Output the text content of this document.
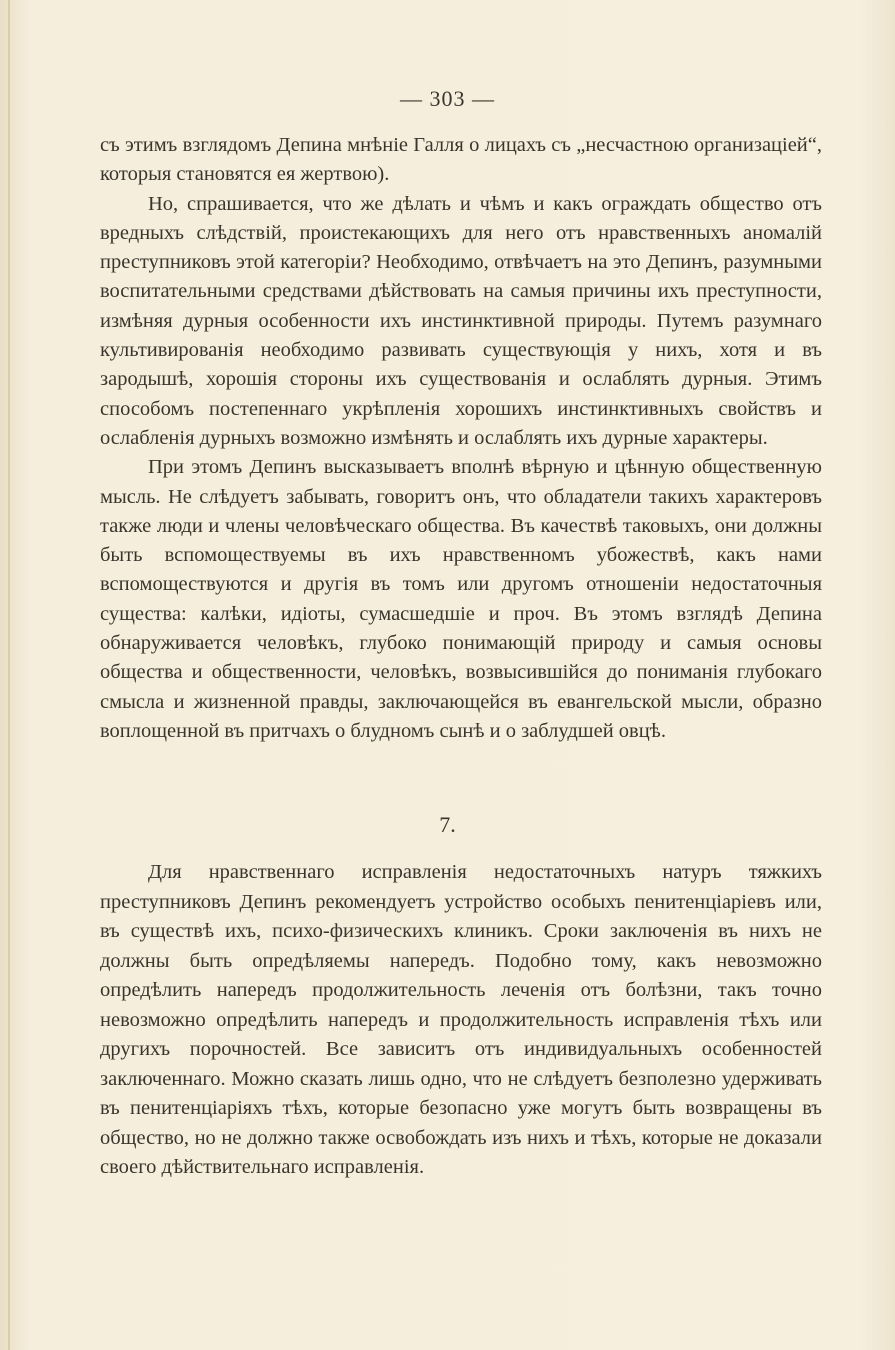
— 303 —

съ этимъ взглядомъ Депина мнѣніе Галля о лицахъ съ „несчастною организаціей“, которыя становятся ея жертвою).

Но, спрашивается, что же дѣлать и чѣмъ и какъ ограждать общество отъ вредныхъ слѣдствій, проистекающихъ для него отъ нравственныхъ аномалій преступниковъ этой категоріи? Необходимо, отвѣчаетъ на это Депинъ, разумными воспитательными средствами дѣйствовать на самыя причины ихъ преступности, измѣняя дурныя особенности ихъ инстинктивной природы. Путемъ разумнаго культивированія необходимо развивать существующія у нихъ, хотя и въ зародышѣ, хорошія стороны ихъ существованія и ослаблять дурныя. Этимъ способомъ постепеннаго укрѣпленія хорошихъ инстинктивныхъ свойствъ и ослабленія дурныхъ возможно измѣнять и ослаблять ихъ дурные характеры.

При этомъ Депинъ высказываетъ вполнѣ вѣрную и цѣнную общественную мысль. Не слѣдуетъ забывать, говоритъ онъ, что обладатели такихъ характеровъ также люди и члены человѣческаго общества. Въ качествѣ таковыхъ, они должны быть вспомоществуемы въ ихъ нравственномъ убожествѣ, какъ нами вспомоществуются и другія въ томъ или другомъ отношеніи недостаточныя существа: калѣки, идіоты, сумасшедшіе и проч. Въ этомъ взглядѣ Депина обнаруживается человѣкъ, глубоко понимающій природу и самыя основы общества и общественности, человѣкъ, возвысившійся до пониманія глубокаго смысла и жизненной правды, заключающейся въ евангельской мысли, образно воплощенной въ притчахъ о блудномъ сынѣ и о заблудшей овцѣ.

7.

Для нравственнаго исправленія недостаточныхъ натуръ тяжкихъ преступниковъ Депинъ рекомендуетъ устройство особыхъ пенитенціаріевъ или, въ существѣ ихъ, психо-физическихъ клиникъ. Сроки заключенія въ нихъ не должны быть опредѣляемы напередъ. Подобно тому, какъ невозможно опредѣлить напередъ продолжительность леченія отъ болѣзни, такъ точно невозможно опредѣлить напередъ и продолжительность исправленія тѣхъ или другихъ порочностей. Все зависитъ отъ индивидуальныхъ особенностей заключеннаго. Можно сказать лишь одно, что не слѣдуетъ безполезно удерживать въ пенитенціаріяхъ тѣхъ, которые безопасно уже могутъ быть возвращены въ общество, но не должно также освобождать изъ нихъ и тѣхъ, которые не доказали своего дѣйствительнаго исправленія.
